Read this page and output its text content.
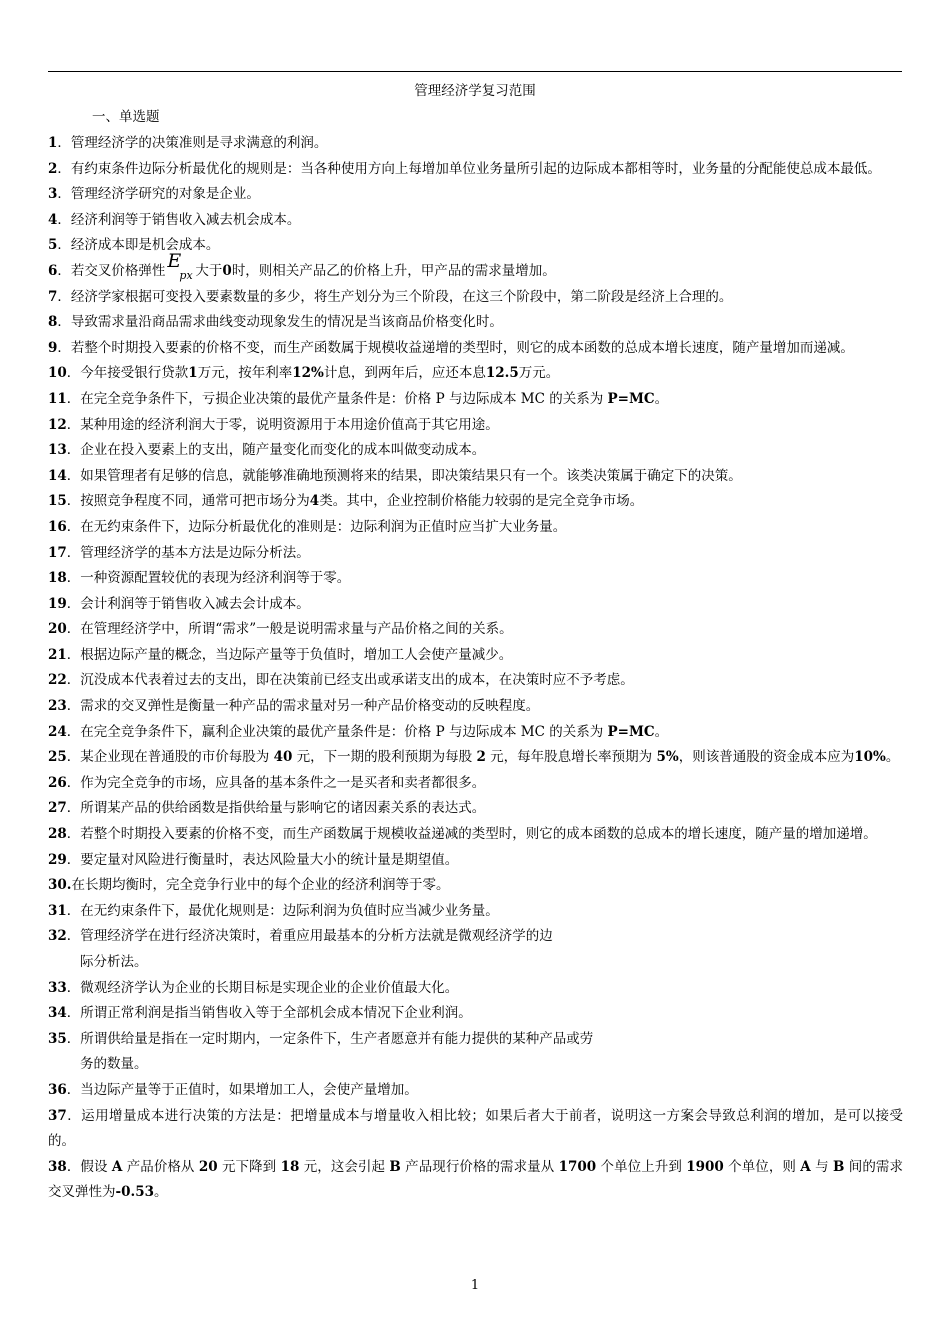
管理经济学复习范围
一、单选题

1．管理经济学的决策准则是寻求满意的利润。

2．有约束条件边际分析最优化的规则是：当各种使用方向上每增加单位业务量所引起的边际成本都相等时，业务量的分配能使总成本最低。

3．管理经济学研究的对象是企业。

4．经济利润等于销售收入减去机会成本。

5．经济成本即是机会成本。

6．若交叉价格弹性 E
px 大于0时，则相关产品乙的价格上升，甲产品的需求量增加。

7．经济学家根据可变投入要素数量的多少，将生产划分为三个阶段，在这三个阶段中，第二阶段是经济上合理的。

8．导致需求量沿商品需求曲线变动现象发生的情况是当该商品价格变化时。

9．若整个时期投入要素的价格不变，而生产函数属于规模收益递增的类型时，则它的成本函数的总成本增长速度，随产量增加而递减。

10．今年接受银行贷款1万元，按年利率12%计息，到两年后，应还本息12.5万元。

11．在完全竞争条件下，亏损企业决策的最优产量条件是：价格 P 与边际成本 MC 的关系为 P=MC。

12．某种用途的经济利润大于零，说明资源用于本用途价值高于其它用途。

13．企业在投入要素上的支出，随产量变化而变化的成本叫做变动成本。

14．如果管理者有足够的信息，就能够准确地预测将来的结果，即决策结果只有一个。该类决策属于确定下的决策。

15．按照竞争程度不同，通常可把市场分为4类。其中，企业控制价格能力较弱的是完全竞争市场。

16．在无约束条件下，边际分析最优化的准则是：边际利润为正值时应当扩大业务量。

17．管理经济学的基本方法是边际分析法。

18．一种资源配置较优的表现为经济利润等于零。

19．会计利润等于销售收入减去会计成本。

20．在管理经济学中，所谓“需求”一般是说明需求量与产品价格之间的关系。

21．根据边际产量的概念，当边际产量等于负值时，增加工人会使产量减少。

22．沉没成本代表着过去的支出，即在决策前已经支出或承诺支出的成本，在决策时应不予考虑。

23．需求的交叉弹性是衡量一种产品的需求量对另一种产品价格变动的反映程度。

24．在完全竞争条件下，赢利企业决策的最优产量条件是：价格 P 与边际成本 MC 的关系为 P=MC。

25．某企业现在普通股的市价每股为 40 元，下一期的股利预期为每股 2 元，每年股息增长率预期为 5%，则该普通股的资金成本应为10%。

26．作为完全竞争的市场，应具备的基本条件之一是买者和卖者都很多。

27．所谓某产品的供给函数是指供给量与影响它的诸因素关系的表达式。

28．若整个时期投入要素的价格不变，而生产函数属于规模收益递减的类型时，则它的成本函数的总成本的增长速度，随产量的增加递增。

29．要定量对风险进行衡量时，表达风险量大小的统计量是期望值。

30.在长期均衡时，完全竞争行业中的每个企业的经济利润等于零。

31．在无约束条件下，最优化规则是：边际利润为负值时应当减少业务量。

32．管理经济学在进行经济决策时，着重应用最基本的分析方法就是微观经济学的边
际分析法。

33．微观经济学认为企业的长期目标是实现企业的企业价值最大化。

34．所谓正常利润是指当销售收入等于全部机会成本情况下企业利润。

35．所谓供给量是指在一定时期内，一定条件下，生产者愿意并有能力提供的某种产品或劳
务的数量。

36．当边际产量等于正值时，如果增加工人，会使产量增加。

37．运用增量成本进行决策的方法是：把增量成本与增量收入相比较；如果后者大于前者，说明这一方案会导致总利润的增加，是可以接受的。

38．假设 A 产品价格从 20 元下降到 18 元，这会引起 B 产品现行价格的需求量从 1700 个单位上升到 1900 个单位，则 A 与 B 间的需求交叉弹性为-0.53。

1
